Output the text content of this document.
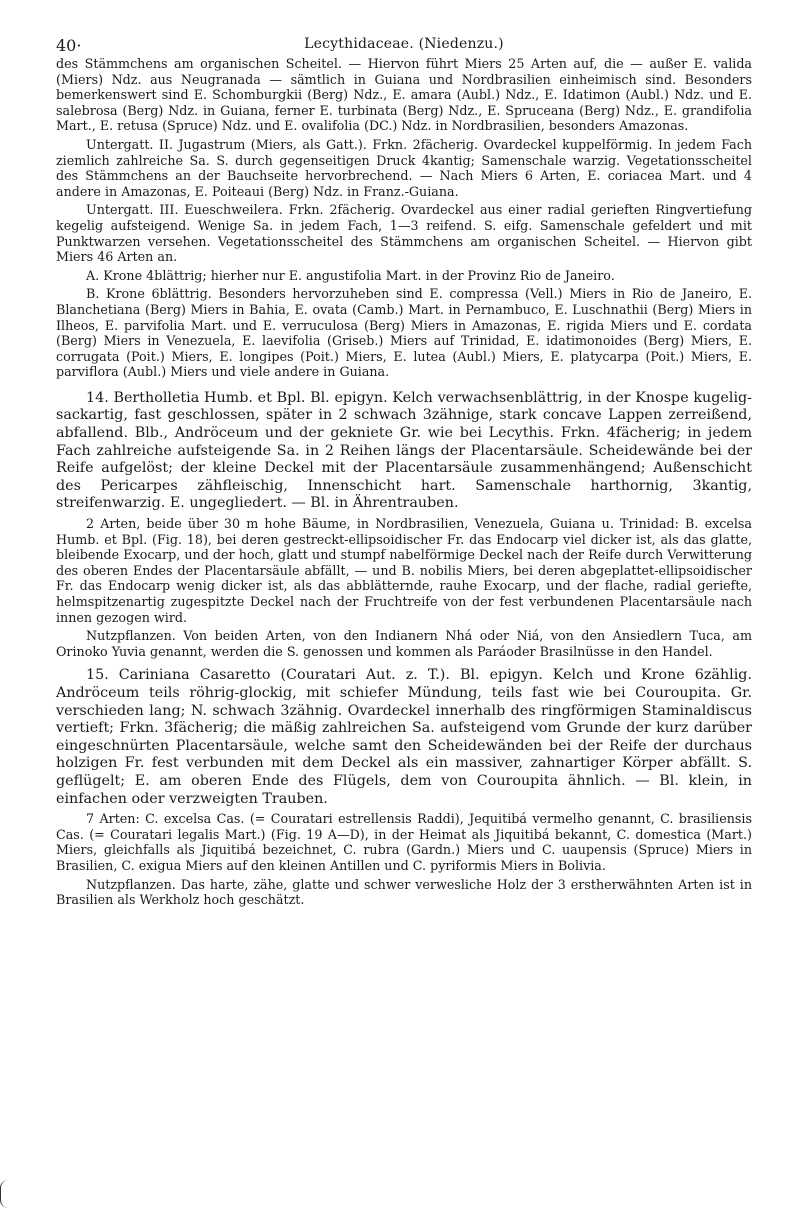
40·	Lecythidaceae. (Niedenzu.)

des Stämmchens am organischen Scheitel. — Hiervon führt Miers 25 Arten auf, die — außer E. valida (Miers) Ndz. aus Neugranada — sämtlich in Guiana und Nordbrasilien einheimisch sind. Besonders bemerkenswert sind E. Schomburgkii (Berg) Ndz., E. amara (Aubl.) Ndz., E. Idatimon (Aubl.) Ndz. und E. salebrosa (Berg) Ndz. in Guiana, ferner E. turbinata (Berg) Ndz., E. Spruceana (Berg) Ndz., E. grandifolia Mart., E. retusa (Spruce) Ndz. und E. ovalifolia (DC.) Ndz. in Nordbrasilien, besonders Amazonas.

Untergatt. II. Jugastrum (Miers, als Gatt.). Frkn. 2fächerig. Ovardeckel kuppelförmig. In jedem Fach ziemlich zahlreiche Sa. S. durch gegenseitigen Druck 4kantig; Samenschale warzig. Vegetationsscheitel des Stämmchens an der Bauchseite hervorbrechend. — Nach Miers 6 Arten, E. coriacea Mart. und 4 andere in Amazonas, E. Poiteaui (Berg) Ndz. in Franz.-Guiana.

Untergatt. III. Eueschweilera. Frkn. 2fächerig. Ovardeckel aus einer radial gerieften Ringvertiefung kegelig aufsteigend. Wenige Sa. in jedem Fach, 1—3 reifend. S. eifg. Samenschale gefeldert und mit Punktwarzen versehen. Vegetationsscheitel des Stämmchens am organischen Scheitel. — Hiervon gibt Miers 46 Arten an.

A. Krone 4blättrig; hierher nur E. angustifolia Mart. in der Provinz Rio de Janeiro.

B. Krone 6blättrig. Besonders hervorzuheben sind E. compressa (Vell.) Miers in Rio de Janeiro, E. Blanchetiana (Berg) Miers in Bahia, E. ovata (Camb.) Mart. in Pernambuco, E. Luschnathii (Berg) Miers in Ilheos, E. parvifolia Mart. und E. verruculosa (Berg) Miers in Amazonas, E. rigida Miers und E. cordata (Berg) Miers in Venezuela, E. laevifolia (Griseb.) Miers auf Trinidad, E. idatimonoides (Berg) Miers, E. corrugata (Poit.) Miers, E. longipes (Poit.) Miers, E. lutea (Aubl.) Miers, E. platycarpa (Poit.) Miers, E. parviflora (Aubl.) Miers und viele andere in Guiana.

14. Bertholletia Humb. et Bpl. Bl. epigyn. Kelch verwachsenblättrig, in der Knospe kugelig-sackartig, fast geschlossen, später in 2 schwach 3zähnige, stark concave Lappen zerreißend, abfallend. Blb., Andröceum und der gekniete Gr. wie bei Lecythis. Frkn. 4fächerig; in jedem Fach zahlreiche aufsteigende Sa. in 2 Reihen längs der Placentarsäule. Scheidewände bei der Reife aufgelöst; der kleine Deckel mit der Placentarsäule zusammenhängend; Außenschicht des Pericarpes zähfleischig, Innenschicht hart. Samenschale harthornig, 3kantig, streifenwarzig. E. ungegliedert. — Bl. in Ährentrauben.

2 Arten, beide über 30 m hohe Bäume, in Nordbrasilien, Venezuela, Guiana u. Trinidad: B. excelsa Humb. et Bpl. (Fig. 18), bei deren gestreckt-ellipsoidischer Fr. das Endocarp viel dicker ist, als das glatte, bleibende Exocarp, und der hoch, glatt und stumpf nabelförmige Deckel nach der Reife durch Verwitterung des oberen Endes der Placentarsäule abfällt, — und B. nobilis Miers, bei deren abgeplattet-ellipsoidischer Fr. das Endocarp wenig dicker ist, als das abblätternde, rauhe Exocarp, und der flache, radial geriefte, helmspitzenartig zugespitzte Deckel nach der Fruchtreife von der fest verbundenen Placentarsäule nach innen gezogen wird.

Nutzpflanzen. Von beiden Arten, von den Indianern Nhá oder Niá, von den Ansiedlern Tuca, am Orinoko Yuvia genannt, werden die S. genossen und kommen als Paráoder Brasilnüsse in den Handel.

15. Cariniana Casaretto (Couratari Aut. z. T.). Bl. epigyn. Kelch und Krone 6zählig. Andröceum teils röhrig-glockig, mit schiefer Mündung, teils fast wie bei Couroupita. Gr. verschieden lang; N. schwach 3zähnig. Ovardeckel innerhalb des ringförmigen Staminaldiscus vertieft; Frkn. 3fächerig; die mäßig zahlreichen Sa. aufsteigend vom Grunde der kurz darüber eingeschnürten Placentarsäule, welche samt den Scheidewänden bei der Reife der durchaus holzigen Fr. fest verbunden mit dem Deckel als ein massiver, zahnartiger Körper abfällt. S. geflügelt; E. am oberen Ende des Flügels, dem von Couroupita ähnlich. — Bl. klein, in einfachen oder verzweigten Trauben.

7 Arten: C. excelsa Cas. (= Couratari estrellensis Raddi), Jequitibá vermelho genannt, C. brasiliensis Cas. (= Couratari legalis Mart.) (Fig. 19 A—D), in der Heimat als Jiquitibá bekannt, C. domestica (Mart.) Miers, gleichfalls als Jiquitibá bezeichnet, C. rubra (Gardn.) Miers und C. uaupensis (Spruce) Miers in Brasilien, C. exigua Miers auf den kleinen Antillen und C. pyriformis Miers in Bolivia.

Nutzpflanzen. Das harte, zähe, glatte und schwer verwesliche Holz der 3 erstherwähnten Arten ist in Brasilien als Werkholz hoch geschätzt.
